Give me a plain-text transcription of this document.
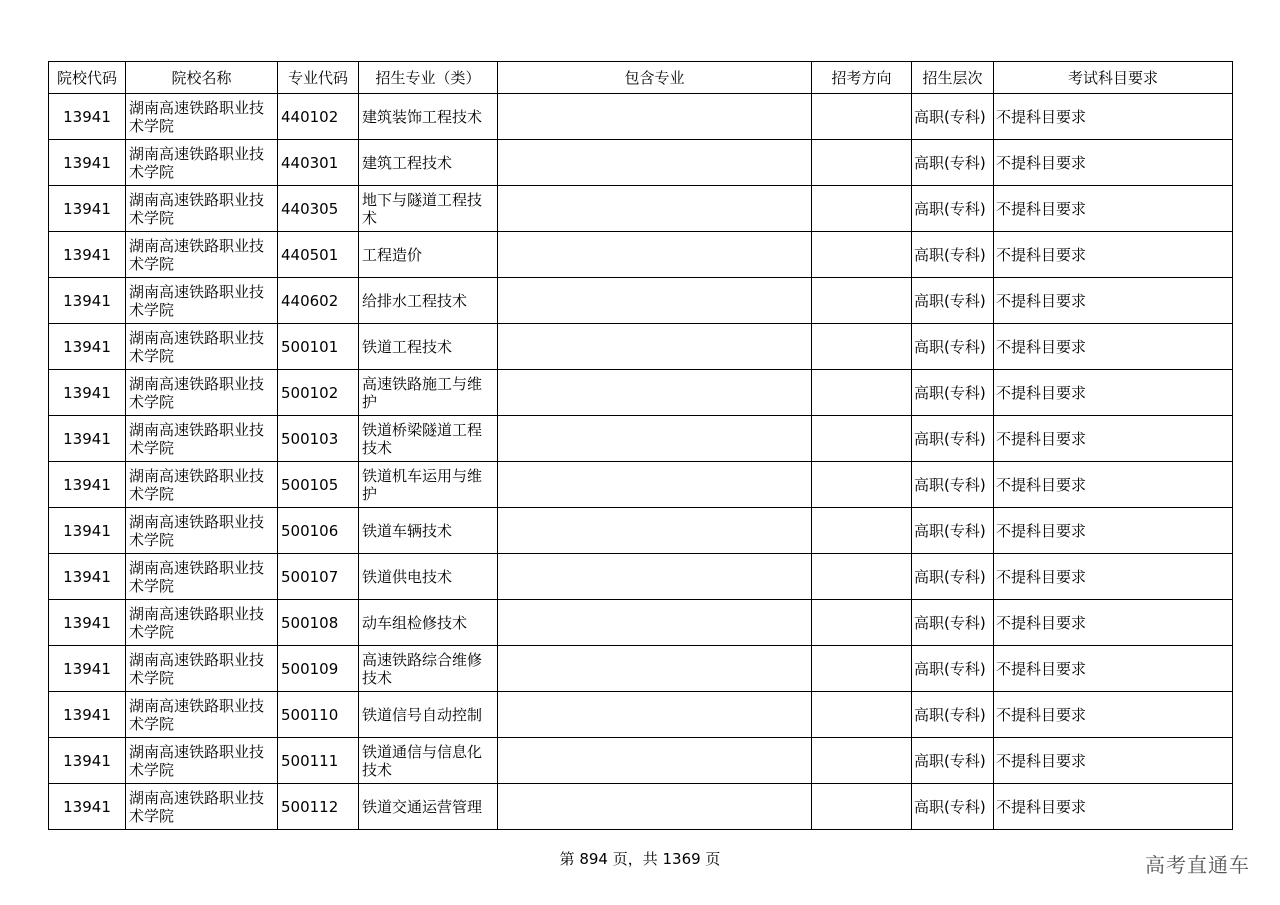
院校代码	院校名称	专业代码	招生专业（类）	包含专业	招考方向	招生层次	考试科目要求
13941	湖南高速铁路职业技术学院	440102	建筑装饰工程技术			高职(专科)	不提科目要求
13941	湖南高速铁路职业技术学院	440301	建筑工程技术			高职(专科)	不提科目要求
13941	湖南高速铁路职业技术学院	440305	地下与隧道工程技术			高职(专科)	不提科目要求
13941	湖南高速铁路职业技术学院	440501	工程造价			高职(专科)	不提科目要求
13941	湖南高速铁路职业技术学院	440602	给排水工程技术			高职(专科)	不提科目要求
13941	湖南高速铁路职业技术学院	500101	铁道工程技术			高职(专科)	不提科目要求
13941	湖南高速铁路职业技术学院	500102	高速铁路施工与维护			高职(专科)	不提科目要求
13941	湖南高速铁路职业技术学院	500103	铁道桥梁隧道工程技术			高职(专科)	不提科目要求
13941	湖南高速铁路职业技术学院	500105	铁道机车运用与维护			高职(专科)	不提科目要求
13941	湖南高速铁路职业技术学院	500106	铁道车辆技术			高职(专科)	不提科目要求
13941	湖南高速铁路职业技术学院	500107	铁道供电技术			高职(专科)	不提科目要求
13941	湖南高速铁路职业技术学院	500108	动车组检修技术			高职(专科)	不提科目要求
13941	湖南高速铁路职业技术学院	500109	高速铁路综合维修技术			高职(专科)	不提科目要求
13941	湖南高速铁路职业技术学院	500110	铁道信号自动控制			高职(专科)	不提科目要求
13941	湖南高速铁路职业技术学院	500111	铁道通信与信息化技术			高职(专科)	不提科目要求
13941	湖南高速铁路职业技术学院	500112	铁道交通运营管理			高职(专科)	不提科目要求
第 894 页，共 1369 页	高考直通车
